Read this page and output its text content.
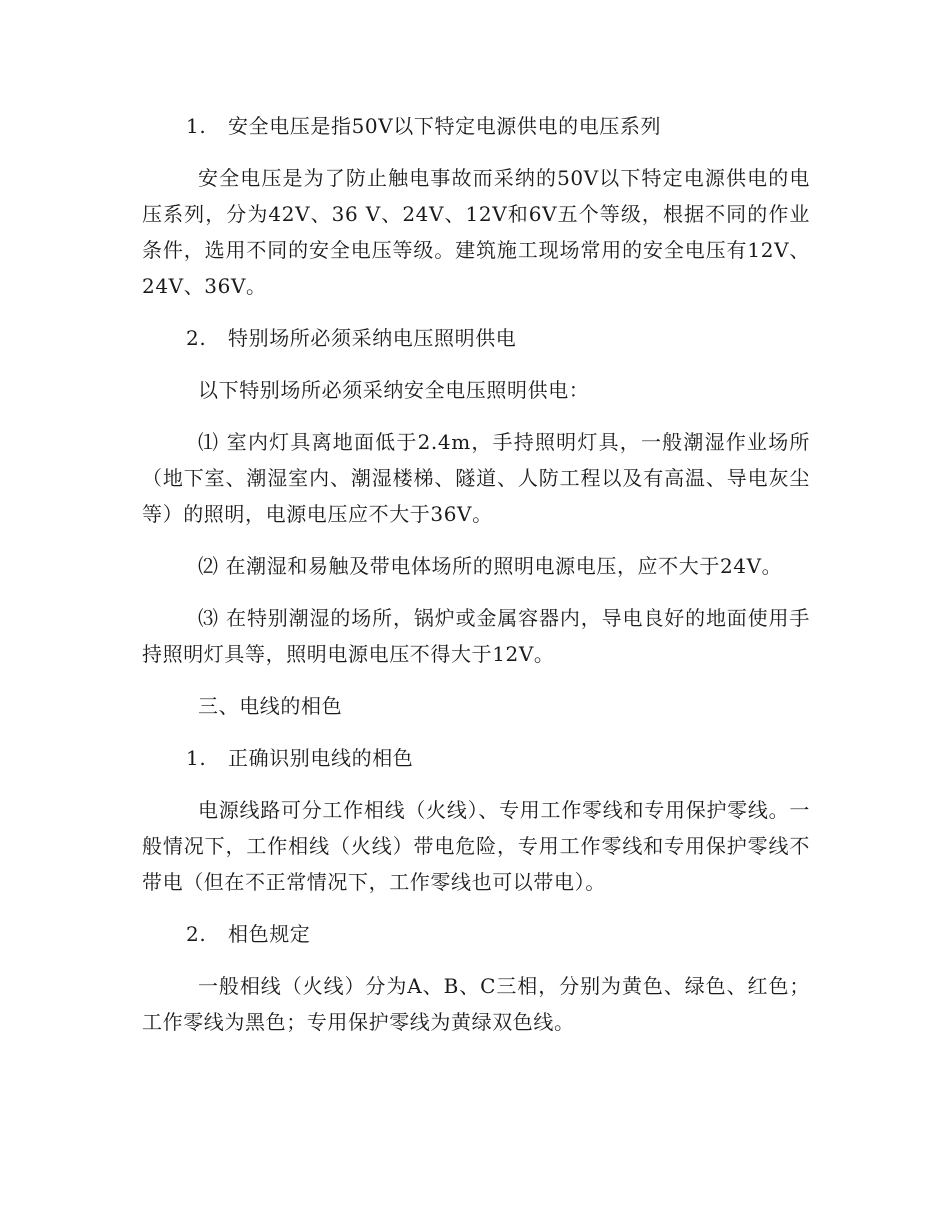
1. 安全电压是指50V以下特定电源供电的电压系列

安全电压是为了防止触电事故而采纳的50V以下特定电源供电的电压系列，分为42V、36 V、24V、12V和6V五个等级，根据不同的作业条件，选用不同的安全电压等级。建筑施工现场常用的安全电压有12V、24V、36V。

2. 特别场所必须采纳电压照明供电

以下特别场所必须采纳安全电压照明供电：

⑴ 室内灯具离地面低于2.4m，手持照明灯具，一般潮湿作业场所（地下室、潮湿室内、潮湿楼梯、隧道、人防工程以及有高温、导电灰尘等）的照明，电源电压应不大于36V。

⑵ 在潮湿和易触及带电体场所的照明电源电压，应不大于24V。

⑶ 在特别潮湿的场所，锅炉或金属容器内，导电良好的地面使用手持照明灯具等，照明电源电压不得大于12V。

三、电线的相色

1. 正确识别电线的相色

电源线路可分工作相线（火线）、专用工作零线和专用保护零线。一般情况下，工作相线（火线）带电危险，专用工作零线和专用保护零线不带电（但在不正常情况下，工作零线也可以带电）。

2. 相色规定

一般相线（火线）分为A、B、C三相，分别为黄色、绿色、红色；工作零线为黑色；专用保护零线为黄绿双色线。
